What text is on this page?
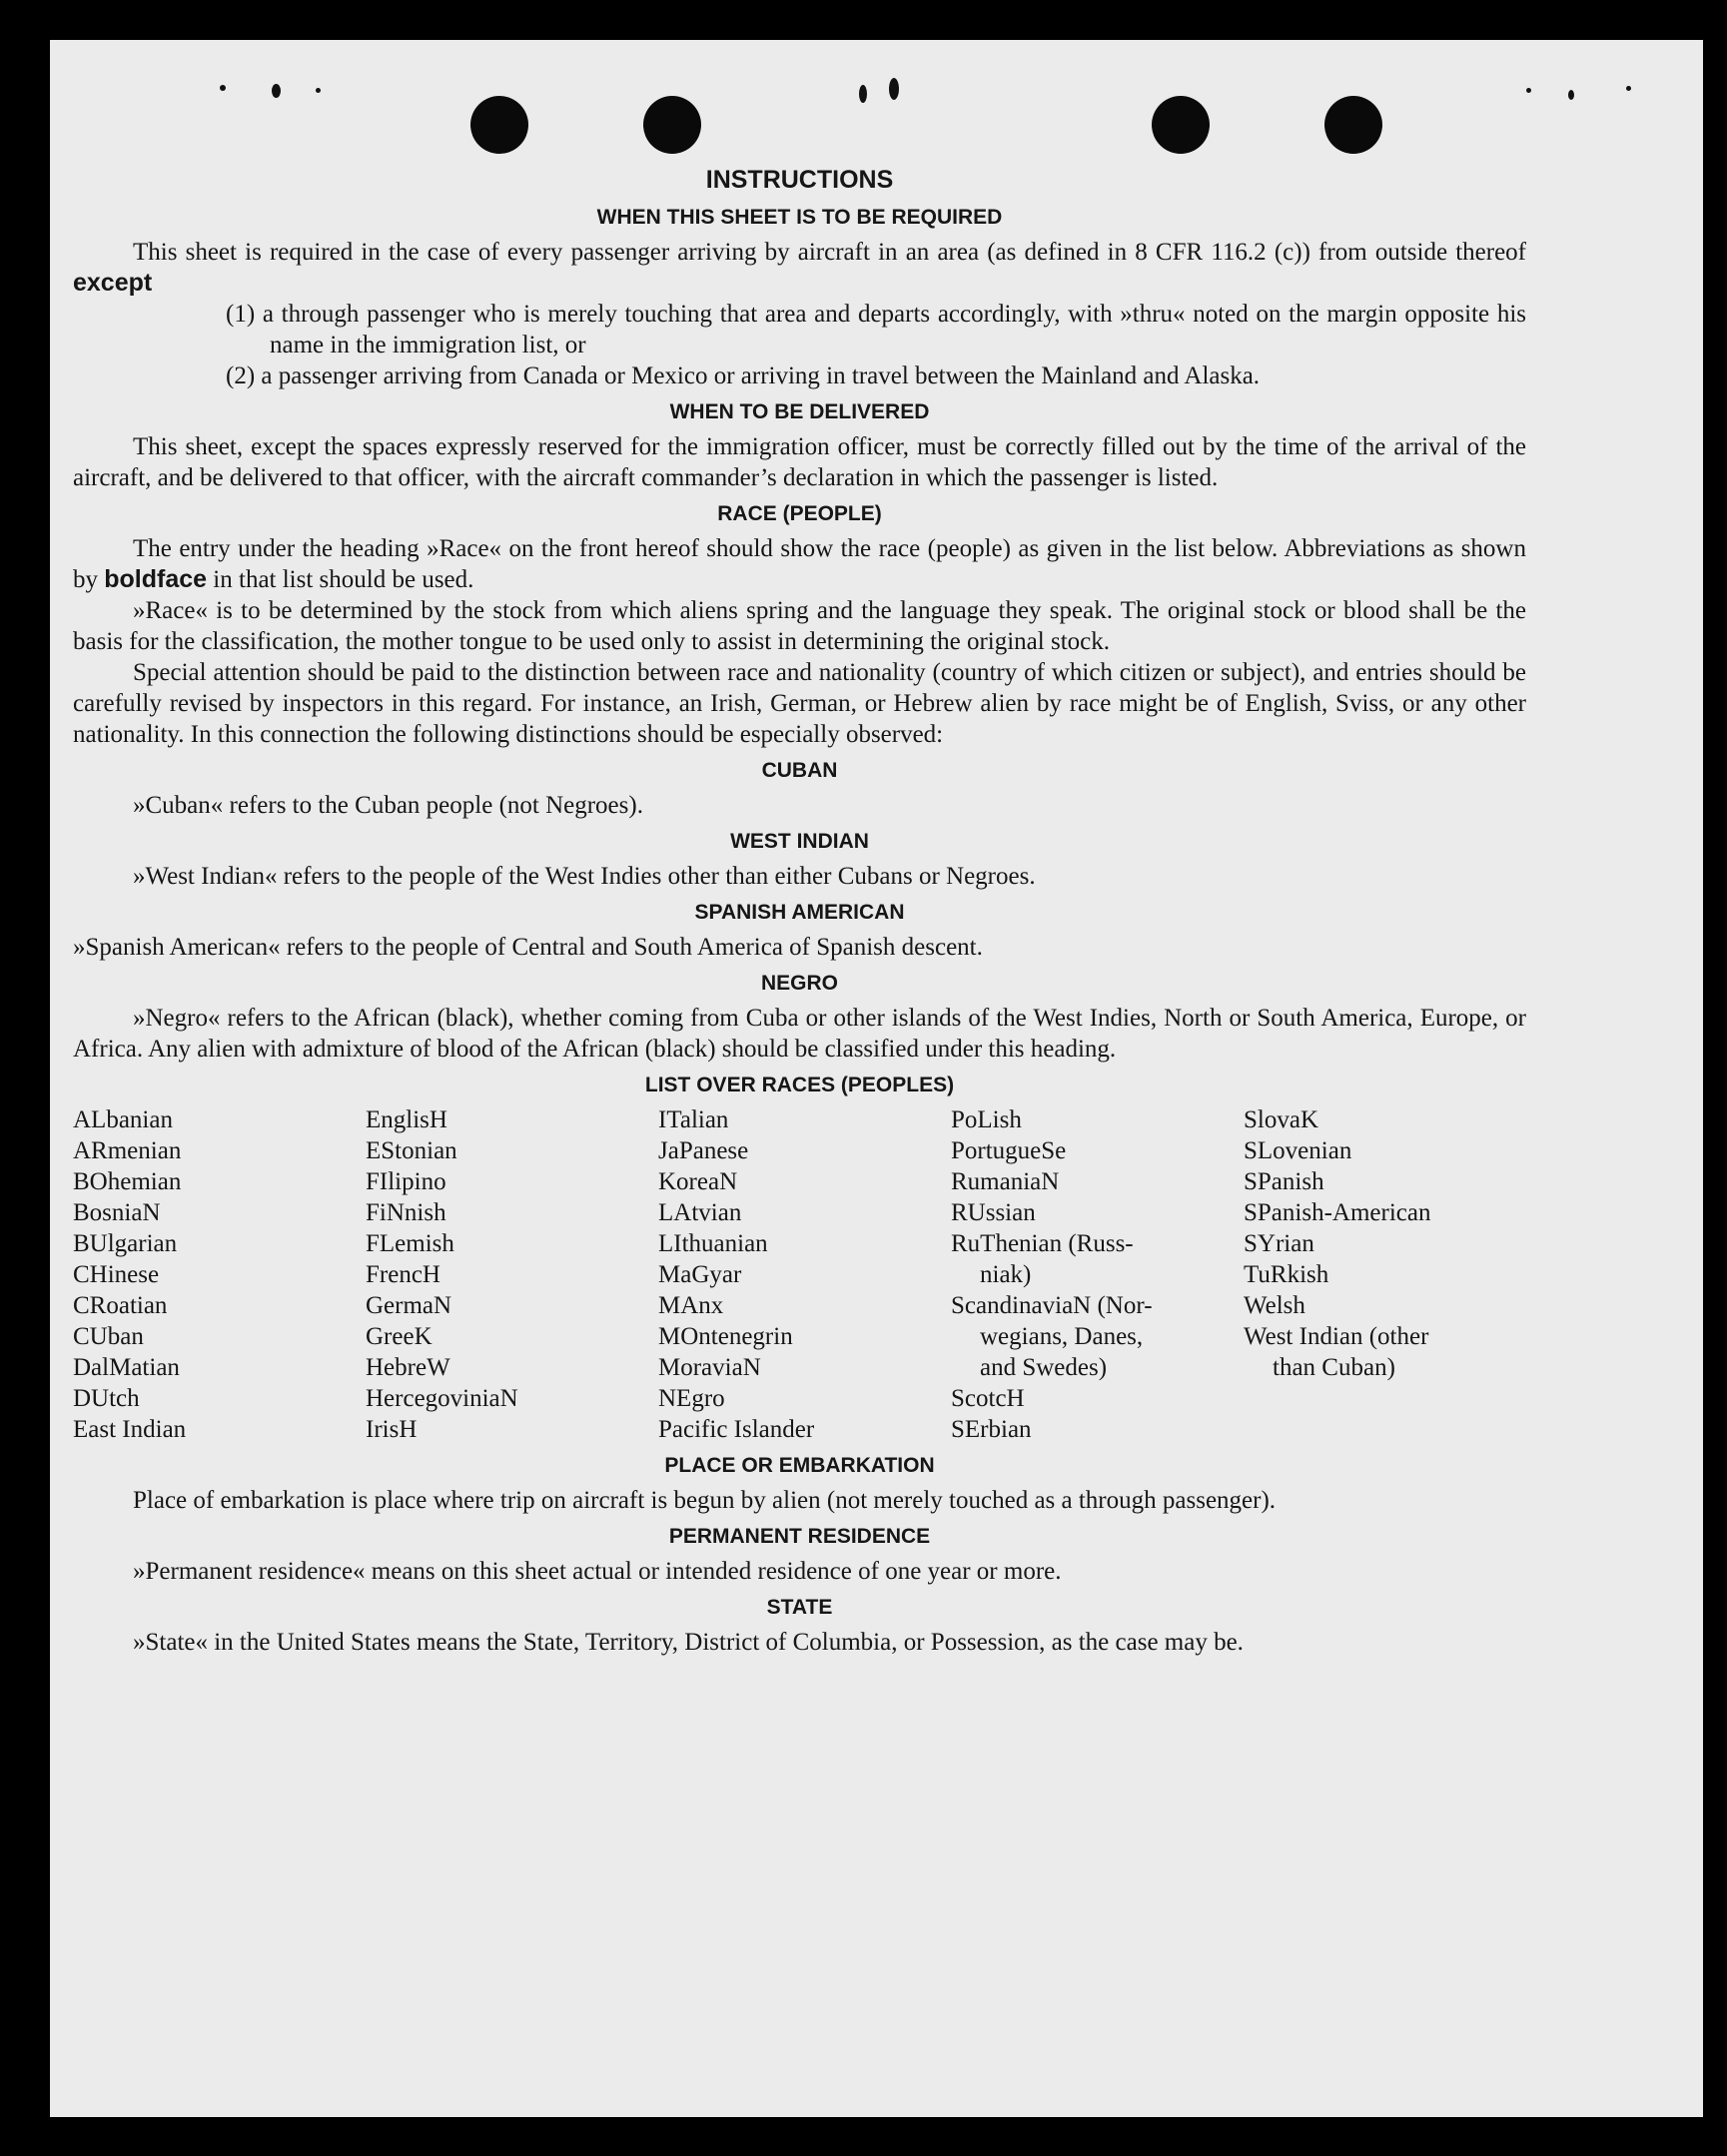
INSTRUCTIONS
WHEN THIS SHEET IS TO BE REQUIRED

This sheet is required in the case of every passenger arriving by aircraft in an area (as defined in 8 CFR 116.2 (c)) from outside thereof except

(1) a through passenger who is merely touching that area and departs accordingly, with »thru« noted on the margin opposite his name in the immigration list, or

(2) a passenger arriving from Canada or Mexico or arriving in travel between the Mainland and Alaska.

WHEN TO BE DELIVERED

This sheet, except the spaces expressly reserved for the immigration officer, must be correctly filled out by the time of the arrival of the aircraft, and be delivered to that officer, with the aircraft commander’s declaration in which the passenger is listed.

RACE (PEOPLE)

The entry under the heading »Race« on the front hereof should show the race (people) as given in the list below. Abbreviations as shown by boldface in that list should be used.

»Race« is to be determined by the stock from which aliens spring and the language they speak. The original stock or blood shall be the basis for the classification, the mother tongue to be used only to assist in determining the original stock.

Special attention should be paid to the distinction between race and nationality (country of which citizen or subject), and entries should be carefully revised by inspectors in this regard. For instance, an Irish, German, or Hebrew alien by race might be of English, Sviss, or any other nationality. In this connection the following distinctions should be especially observed:

CUBAN

»Cuban« refers to the Cuban people (not Negroes).

WEST INDIAN

»West Indian« refers to the people of the West Indies other than either Cubans or Negroes.

SPANISH AMERICAN

»Spanish American« refers to the people of Central and South America of Spanish descent.

NEGRO

»Negro« refers to the African (black), whether coming from Cuba or other islands of the West Indies, North or South America, Europe, or Africa. Any alien with admixture of blood of the African (black) should be classified under this heading.

LIST OVER RACES (PEOPLES)
ALbanian
ARmenian
BOhemian
BosniaN
BUlgarian
CHinese
CRoatian
CUban
DalMatian
DUtch
East Indian
EnglisH
EStonian
FIlipino
FiNnish
FLemish
FrencH
GermaN
GreeK
HebreW
HercegoviniaN
IrisH
ITalian
JaPanese
KoreaN
LAtvian
LIthuanian
MaGyar
MAnx
MOntenegrin
MoraviaN
NEgro
Pacific Islander
PoLish
PortugueSe
RumaniaN
RUssian
RuThenian (Russ-
niak)
ScandinaviaN (Nor-
wegians, Danes,
and Swedes)
ScotcH
SErbian
SlovaK
SLovenian
SPanish
SPanish-American
SYrian
TuRkish
Welsh
West Indian (other
than Cuban)
PLACE OR EMBARKATION

Place of embarkation is place where trip on aircraft is begun by alien (not merely touched as a through passenger).

PERMANENT RESIDENCE

»Permanent residence« means on this sheet actual or intended residence of one year or more.

STATE

»State« in the United States means the State, Territory, District of Columbia, or Possession, as the case may be.
